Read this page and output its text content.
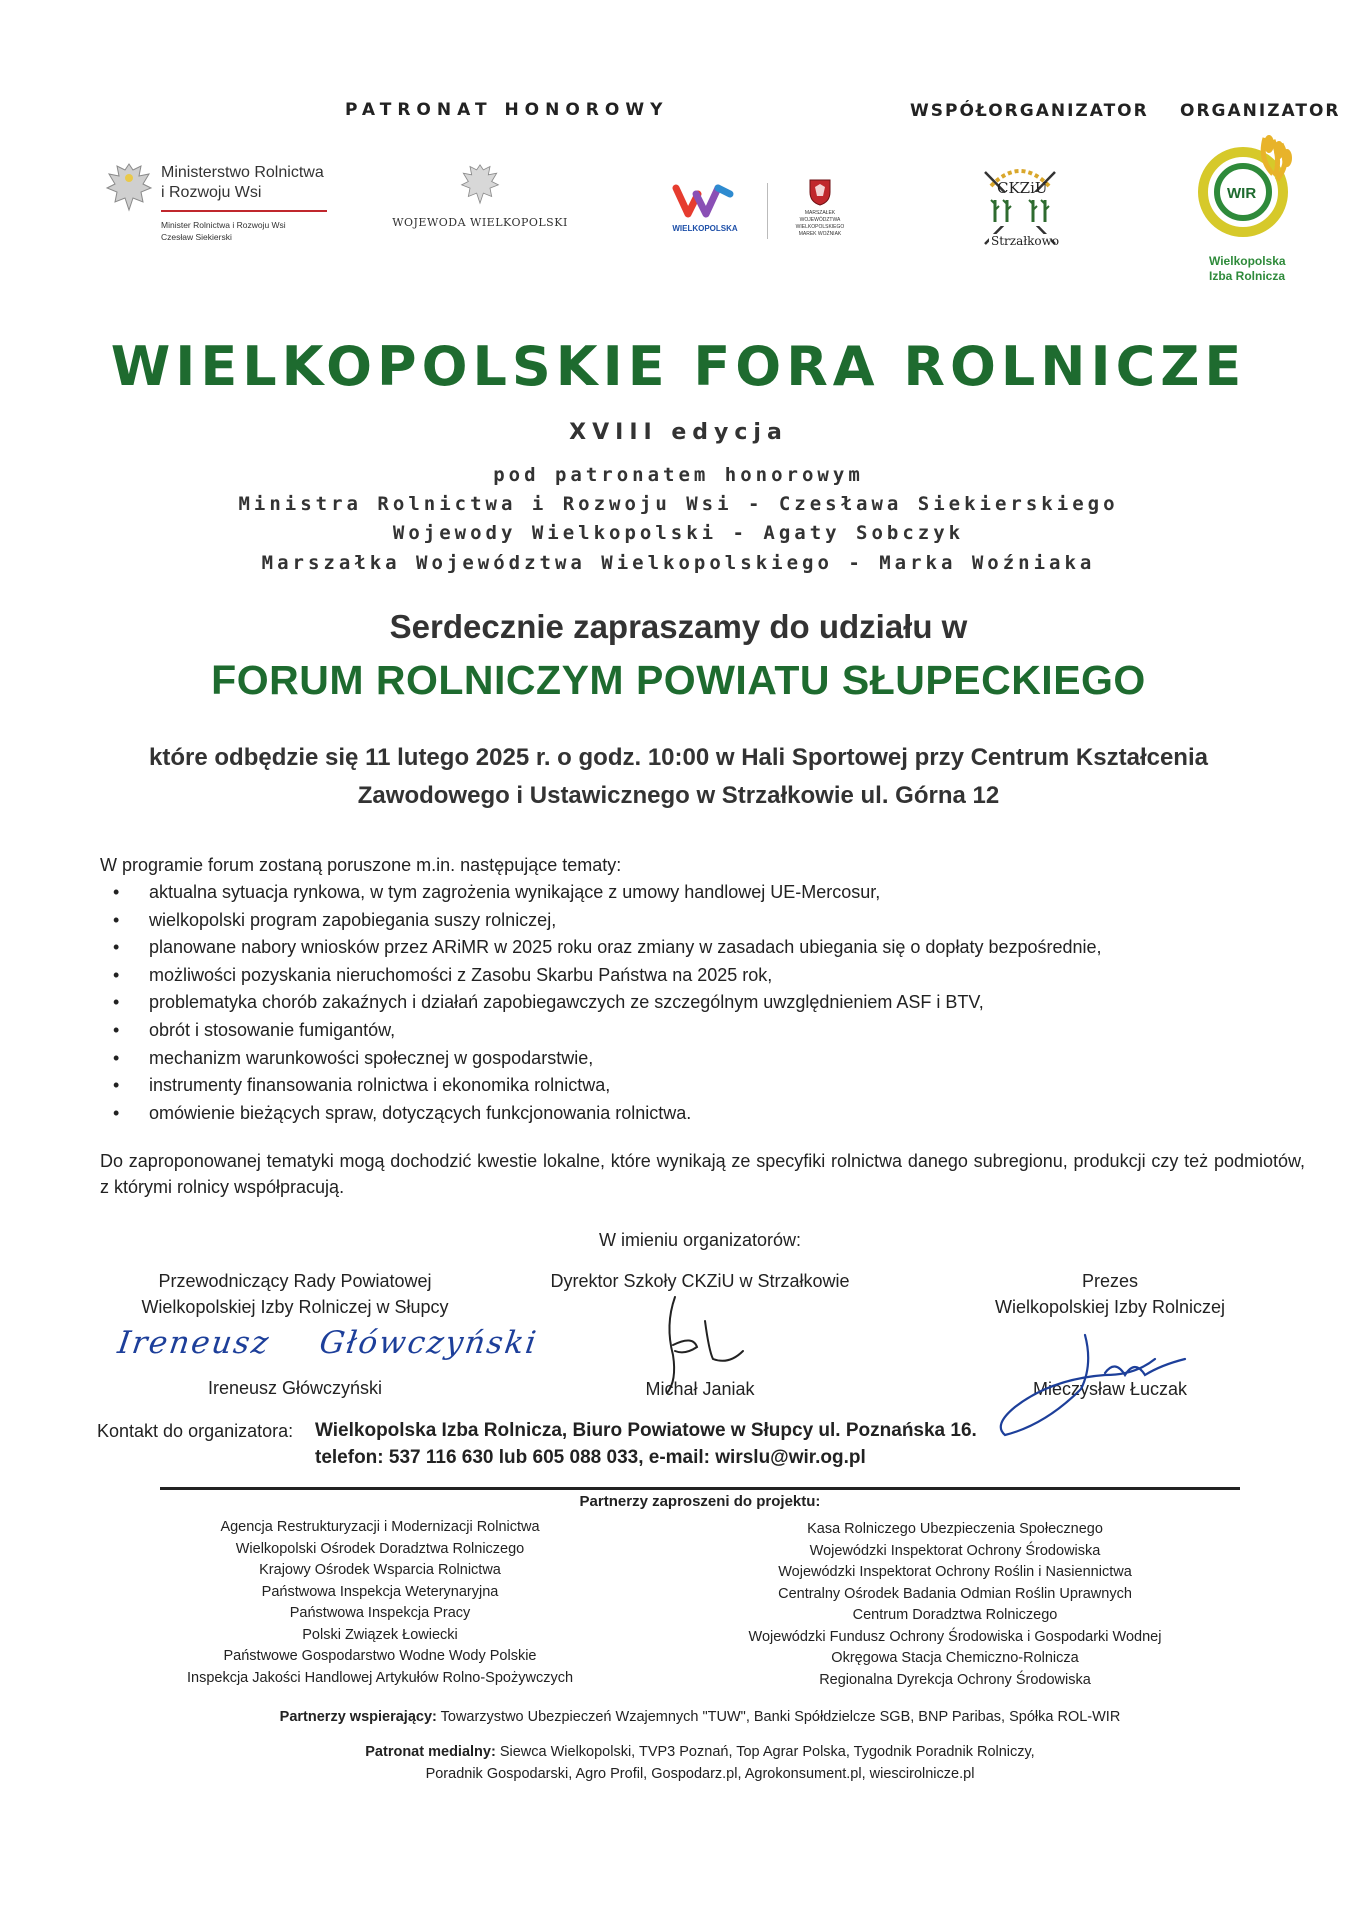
PATRONAT HONOROWY	WSPÓŁORGANIZATOR ORGANIZATOR
Ministerstwo Rolnictwa
i Rozwoju Wsi
Minister Rolnictwa i Rozwoju Wsi
Czesław Siekierski
WOJEWODA WIELKOPOLSKI	WIELKOPOLSKA
MARSZAŁEK
WOJEWÓDZTWA
WIELKOPOLSKIEGO
MAREK WOŹNIAK
CKZiU
Strzałkowo
WIR
Wielkopolska
Izba Rolnicza
WIELKOPOLSKIE FORA ROLNICZE
XVIII edycja
pod patronatem honorowym
Ministra Rolnictwa i Rozwoju Wsi - Czesława Siekierskiego
Wojewody Wielkopolski - Agaty Sobczyk
Marszałka Województwa Wielkopolskiego - Marka Woźniaka
Serdecznie zapraszamy do udziału w
FORUM ROLNICZYM POWIATU SŁUPECKIEGO
które odbędzie się 11 lutego 2025 r. o godz. 10:00 w Hali Sportowej przy Centrum Kształcenia
Zawodowego i Ustawicznego w Strzałkowie ul. Górna 12
W programie forum zostaną poruszone m.in. następujące tematy:
• aktualna sytuacja rynkowa, w tym zagrożenia wynikające z umowy handlowej UE-Mercosur,
• wielkopolski program zapobiegania suszy rolniczej,
• planowane nabory wniosków przez ARiMR w 2025 roku oraz zmiany w zasadach ubiegania się o dopłaty bezpośrednie,
• możliwości pozyskania nieruchomości z Zasobu Skarbu Państwa na 2025 rok,
• problematyka chorób zakaźnych i działań zapobiegawczych ze szczególnym uwzględnieniem ASF i BTV,
• obrót i stosowanie fumigantów,
• mechanizm warunkowości społecznej w gospodarstwie,
• instrumenty finansowania rolnictwa i ekonomika rolnictwa,
• omówienie bieżących spraw, dotyczących funkcjonowania rolnictwa.
Do zaproponowanej tematyki mogą dochodzić kwestie lokalne, które wynikają ze specyfiki rolnictwa danego subregionu, produkcji czy też podmiotów, z którymi rolnicy współpracują.
W imieniu organizatorów:
Przewodniczący Rady Powiatowej
Wielkopolskiej Izby Rolniczej w Słupcy
Ireneusz Główczyński
Ireneusz Główczyński
Dyrektor Szkoły CKZiU w Strzałkowie
Michał Janiak
Prezes
Wielkopolskiej Izby Rolniczej
Mieczysław Łuczak
Kontakt do organizatora: Wielkopolska Izba Rolnicza, Biuro Powiatowe w Słupcy ul. Poznańska 16.
telefon: 537 116 630 lub 605 088 033, e-mail: wirslu@wir.og.pl
Partnerzy zaproszeni do projektu:
Agencja Restrukturyzacji i Modernizacji Rolnictwa
Wielkopolski Ośrodek Doradztwa Rolniczego
Krajowy Ośrodek Wsparcia Rolnictwa
Państwowa Inspekcja Weterynaryjna
Państwowa Inspekcja Pracy
Polski Związek Łowiecki
Państwowe Gospodarstwo Wodne Wody Polskie
Inspekcja Jakości Handlowej Artykułów Rolno-Spożywczych
Kasa Rolniczego Ubezpieczenia Społecznego
Wojewódzki Inspektorat Ochrony Środowiska
Wojewódzki Inspektorat Ochrony Roślin i Nasiennictwa
Centralny Ośrodek Badania Odmian Roślin Uprawnych
Centrum Doradztwa Rolniczego
Wojewódzki Fundusz Ochrony Środowiska i Gospodarki Wodnej
Okręgowa Stacja Chemiczno-Rolnicza
Regionalna Dyrekcja Ochrony Środowiska
Partnerzy wspierający: Towarzystwo Ubezpieczeń Wzajemnych "TUW", Banki Spółdzielcze SGB, BNP Paribas, Spółka ROL-WIR
Patronat medialny: Siewca Wielkopolski, TVP3 Poznań, Top Agrar Polska, Tygodnik Poradnik Rolniczy,
Poradnik Gospodarski, Agro Profil, Gospodarz.pl, Agrokonsument.pl, wiescirolnicze.pl
